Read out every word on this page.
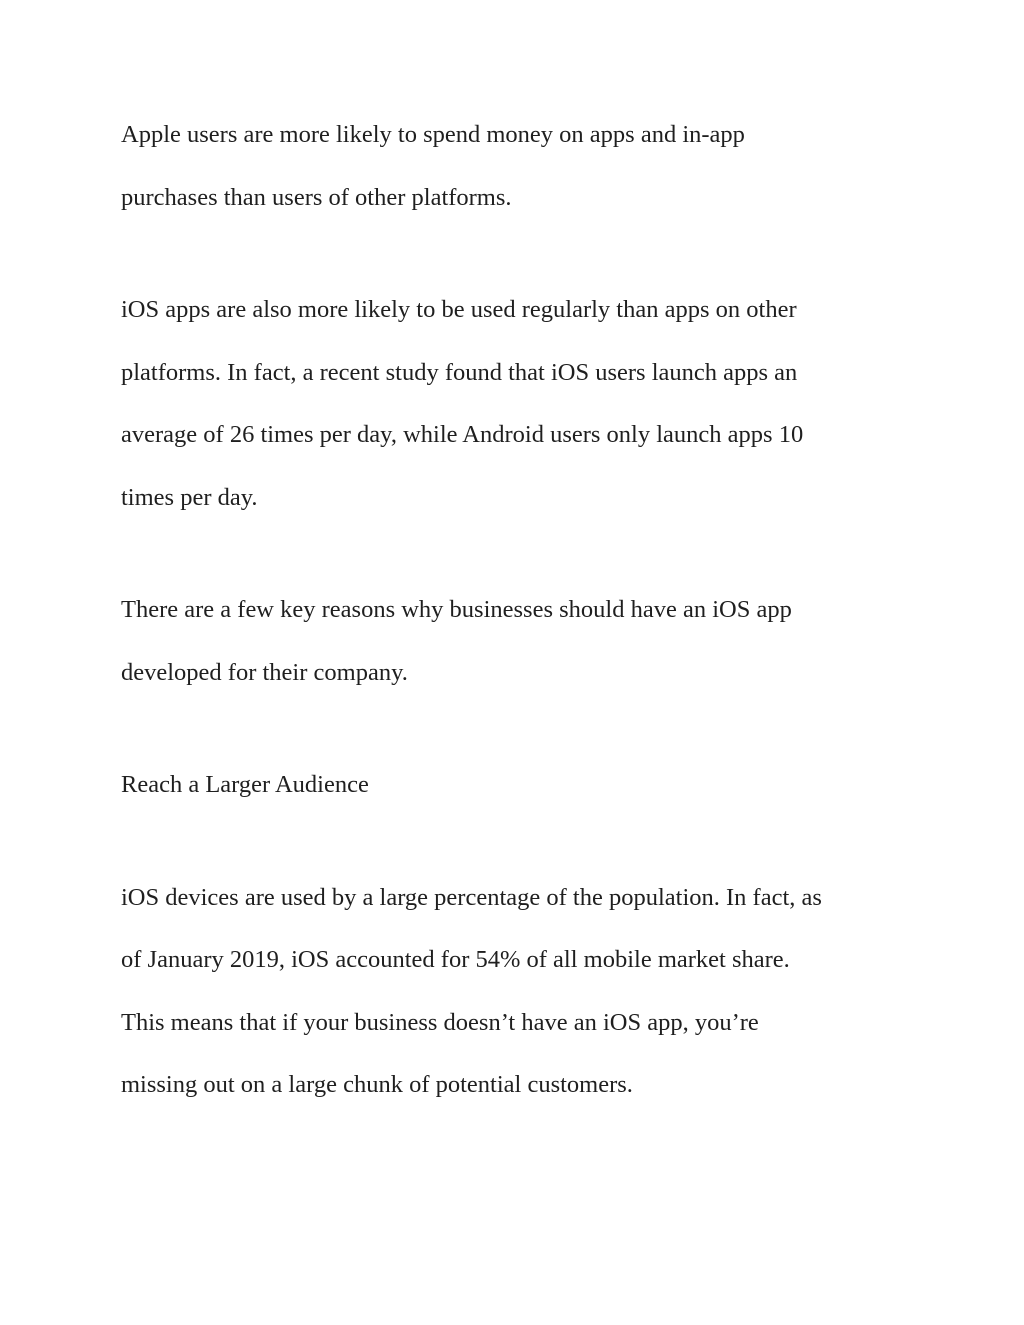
Apple users are more likely to spend money on apps and in-app
purchases than users of other platforms.

iOS apps are also more likely to be used regularly than apps on other
platforms. In fact, a recent study found that iOS users launch apps an
average of 26 times per day, while Android users only launch apps 10
times per day.

There are a few key reasons why businesses should have an iOS app
developed for their company.

Reach a Larger Audience

iOS devices are used by a large percentage of the population. In fact, as
of January 2019, iOS accounted for 54% of all mobile market share.
This means that if your business doesn’t have an iOS app, you’re
missing out on a large chunk of potential customers.
